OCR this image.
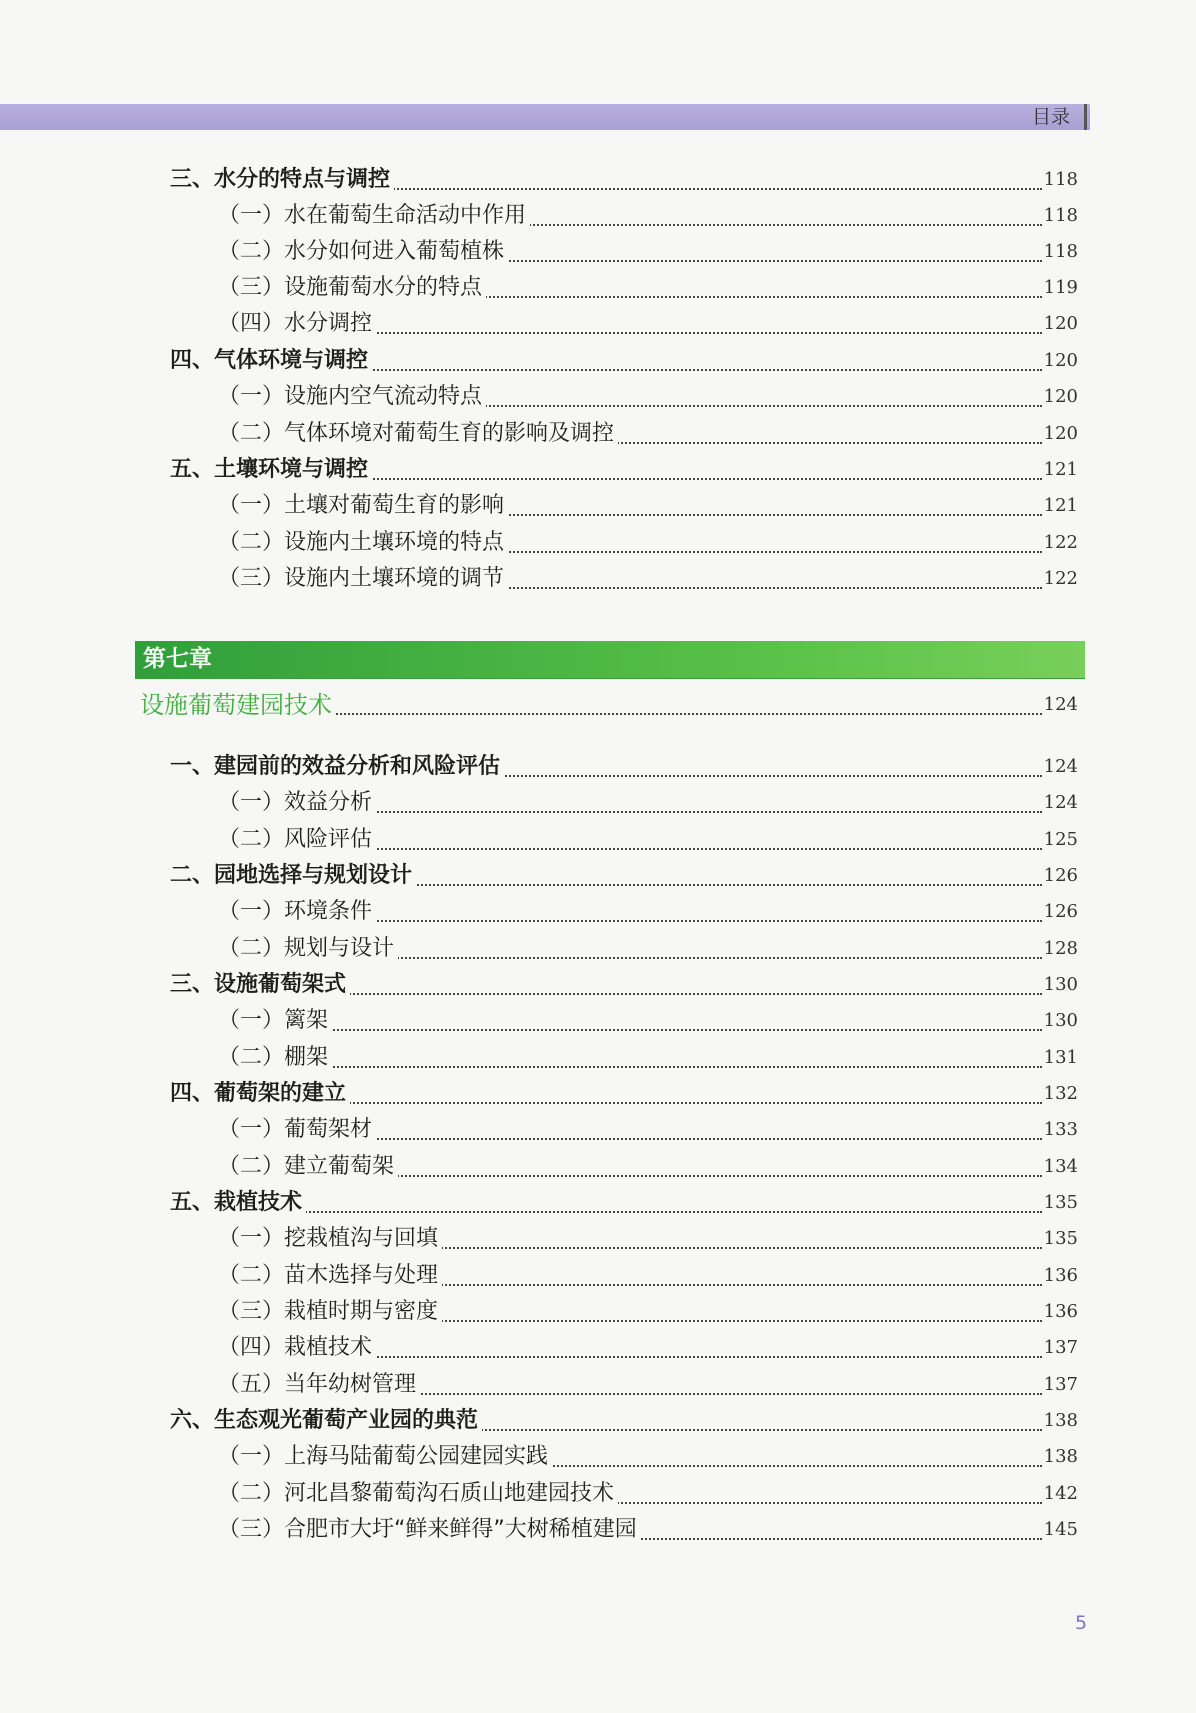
目录
第七章
三、水分的特点与调控	118
（一）水在葡萄生命活动中作用	118
（二）水分如何进入葡萄植株	118
（三）设施葡萄水分的特点	119
（四）水分调控	120
四、气体环境与调控	120
（一）设施内空气流动特点	120
（二）气体环境对葡萄生育的影响及调控	120
五、土壤环境与调控	121
（一）土壤对葡萄生育的影响	121
（二）设施内土壤环境的特点	122
（三）设施内土壤环境的调节	122
设施葡萄建园技术	124
一、建园前的效益分析和风险评估	124
（一）效益分析	124
（二）风险评估	125
二、园地选择与规划设计	126
（一）环境条件	126
（二）规划与设计	128
三、设施葡萄架式	130
（一）篱架	130
（二）棚架	131
四、葡萄架的建立	132
（一）葡萄架材	133
（二）建立葡萄架	134
五、栽植技术	135
（一）挖栽植沟与回填	135
（二）苗木选择与处理	136
（三）栽植时期与密度	136
（四）栽植技术	137
（五）当年幼树管理	137
六、生态观光葡萄产业园的典范	138
（一）上海马陆葡萄公园建园实践	138
（二）河北昌黎葡萄沟石质山地建园技术	142
（三）合肥市大圩“鲜来鲜得”大树稀植建园	145
5
